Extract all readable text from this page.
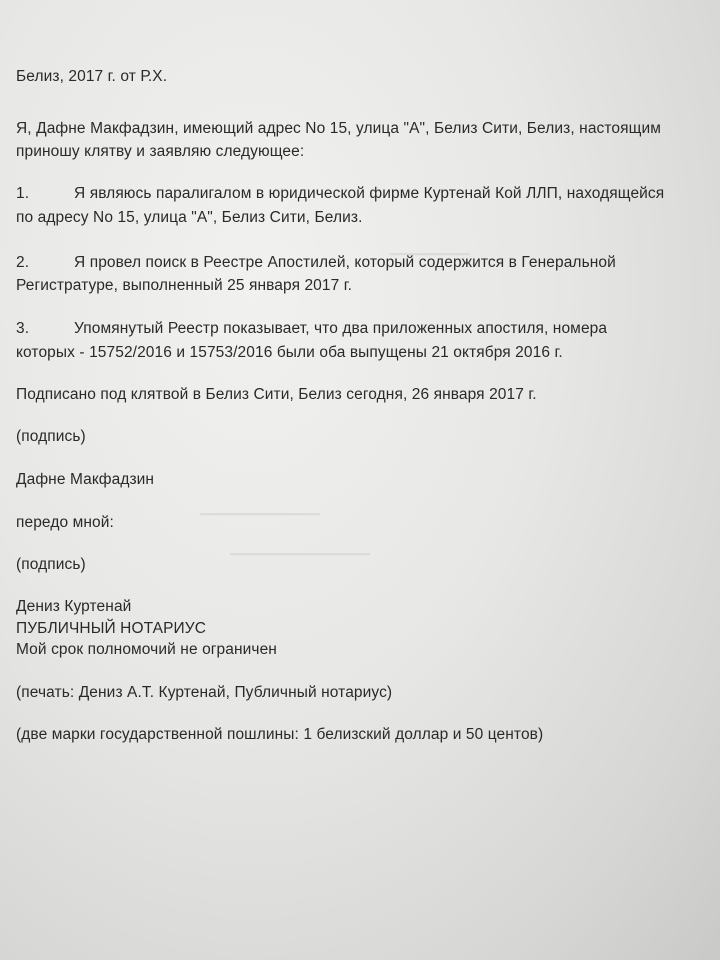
▁▁▁▁▁▁▁▁
▁▁▁▁▁▁▁▁▁▁▁▁
▁▁▁▁▁▁▁▁▁▁▁▁▁▁
Белиз, 2017 г. от Р.Х.
Я, Дафне Макфадзин, имеющий адрес No 15, улица "А", Белиз Сити, Белиз, настоящим
приношу клятву и заявляю следующее:
1.	Я являюсь паралигалом в юридической фирме Куртенай Кой ЛЛП, находящейся
по адресу No 15, улица "А", Белиз Сити, Белиз.
2.	Я провел поиск в Реестре Апостилей, который содержится в Генеральной
Регистратуре, выполненный 25 января 2017 г.
3.	Упомянутый Реестр показывает, что два приложенных апостиля, номера
которых - 15752/2016 и 15753/2016 были оба выпущены 21 октября 2016 г.
Подписано под клятвой в Белиз Сити, Белиз сегодня, 26 января 2017 г.
(подпись)
Дафне Макфадзин
передо мной:
(подпись)
Дениз Куртенай
ПУБЛИЧНЫЙ НОТАРИУС
Мой срок полномочий не ограничен
(печать: Дениз А.Т. Куртенай, Публичный нотариус)
(две марки государственной пошлины: 1 белизский доллар и 50 центов)
